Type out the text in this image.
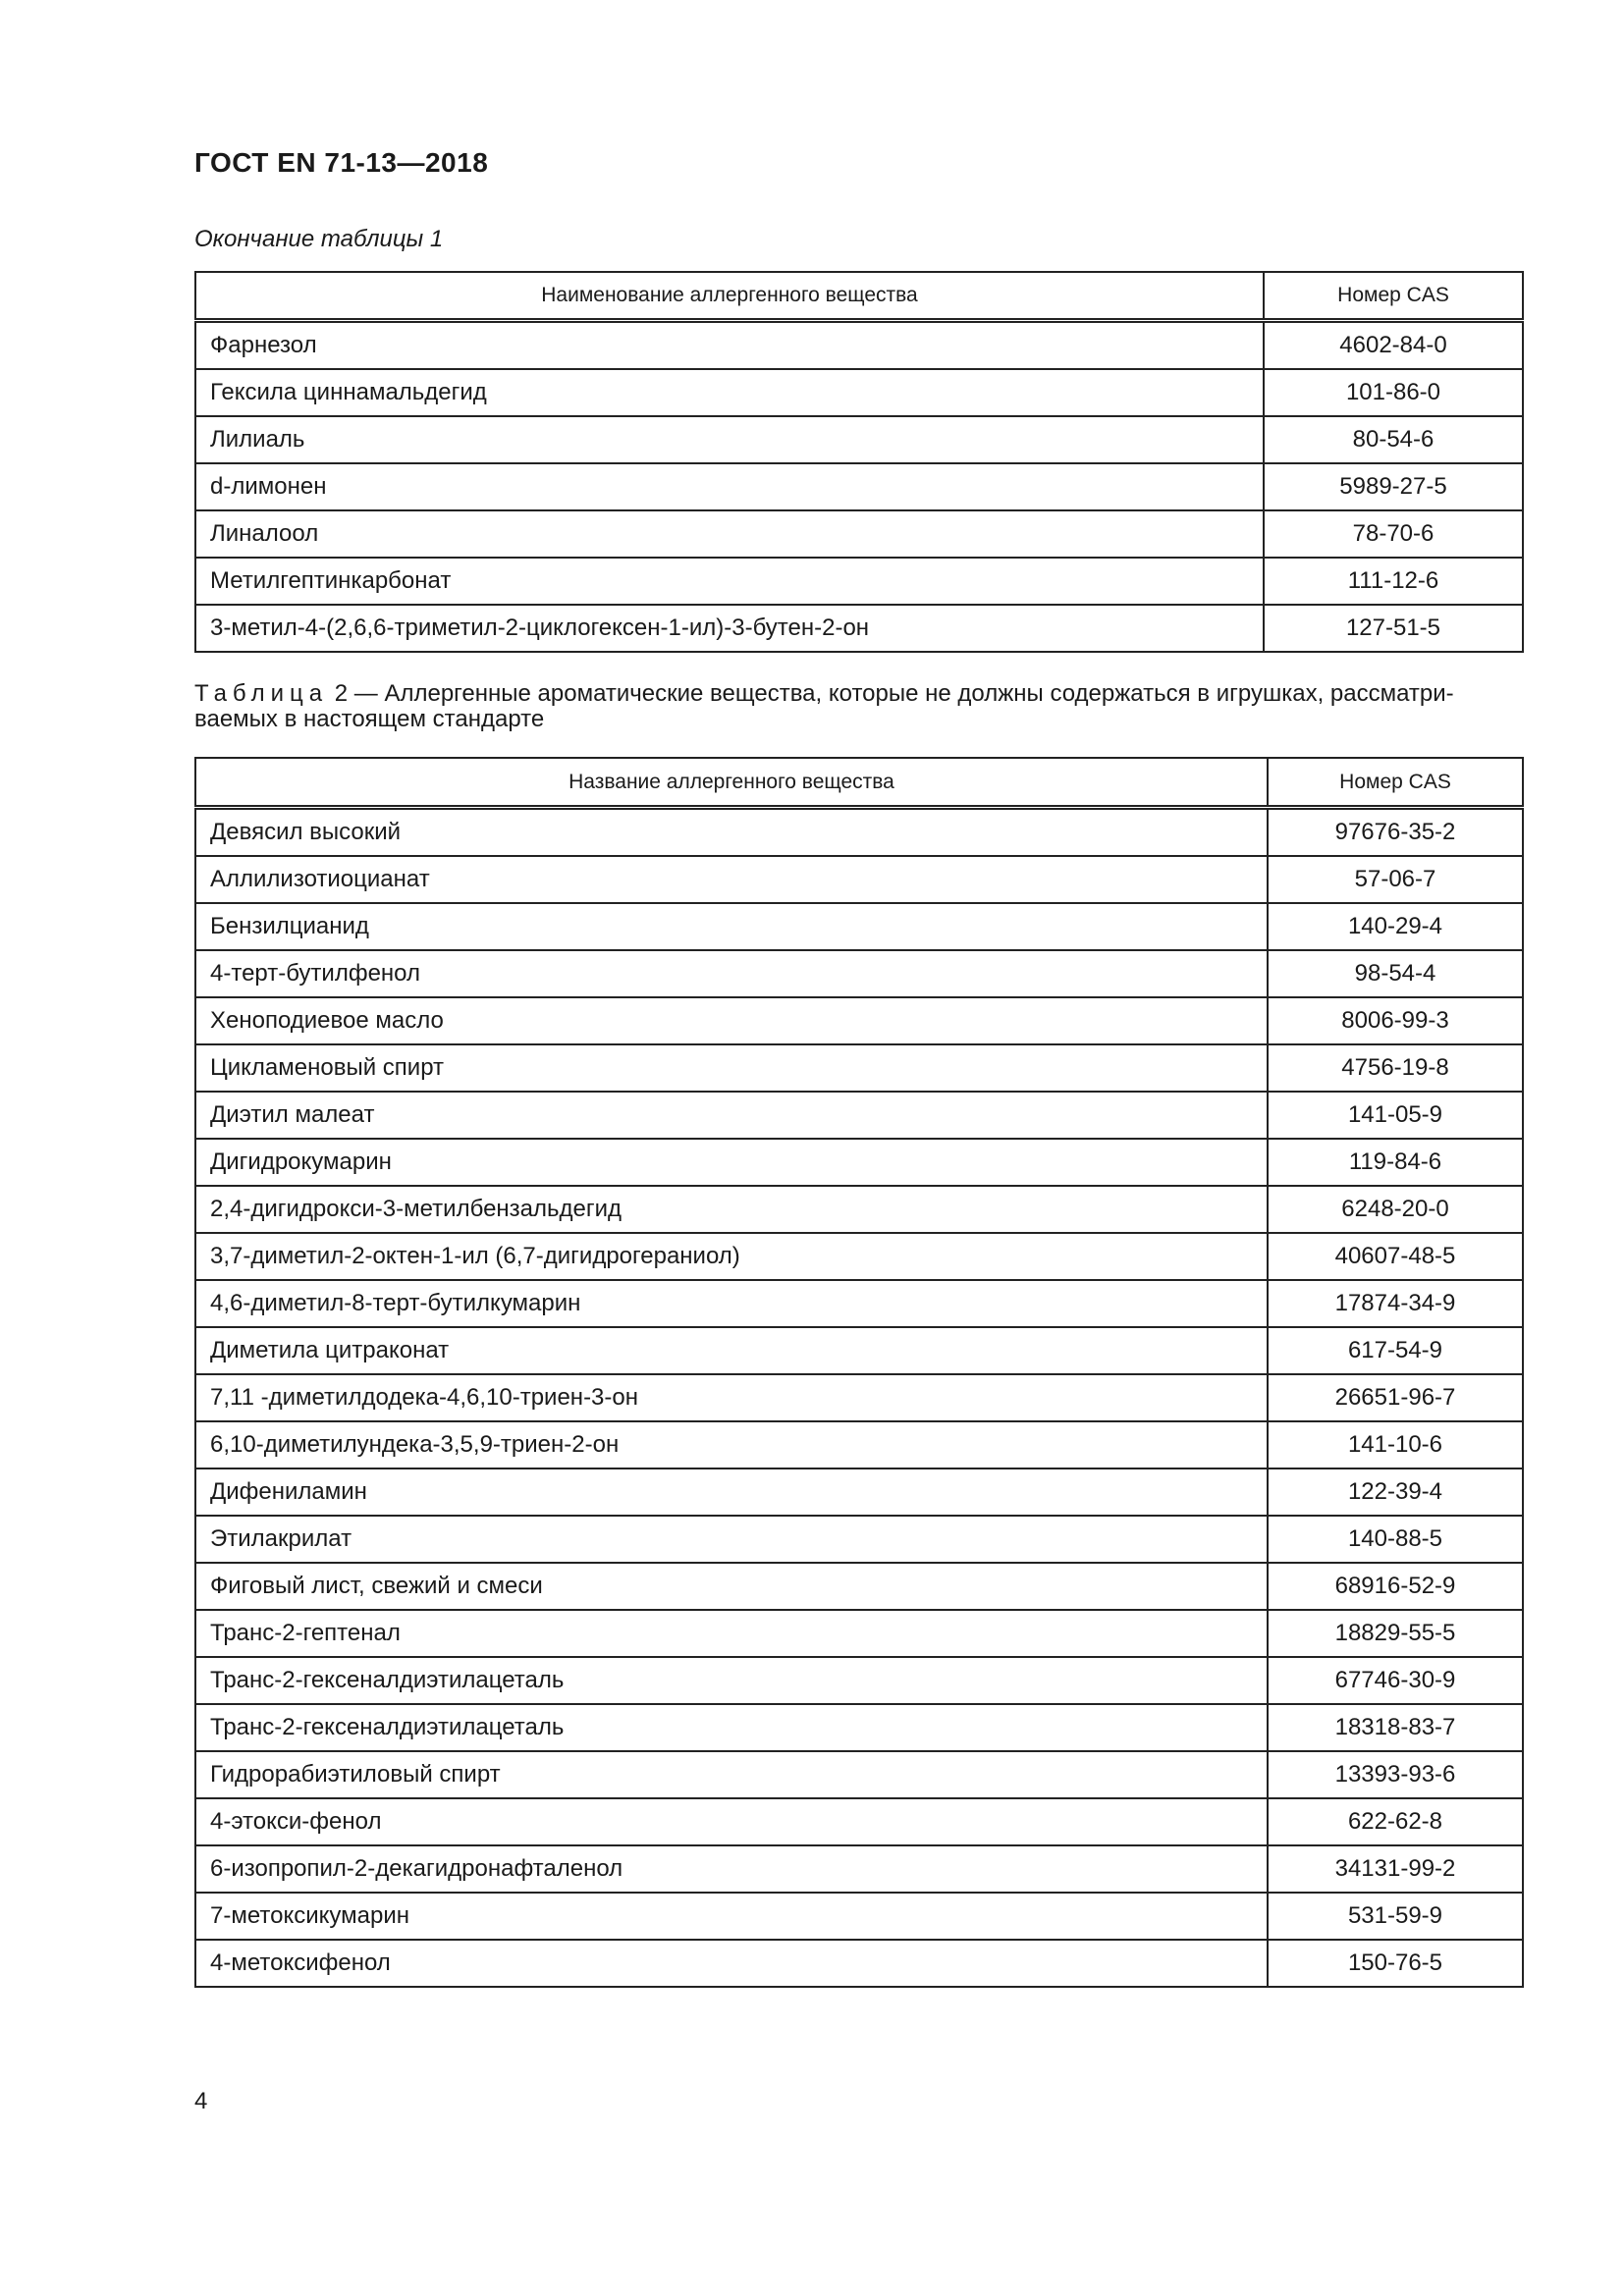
ГОСТ EN 71-13—2018
Окончание таблицы 1
Наименование аллергенного вещества	Номер CAS
Фарнезол	4602-84-0
Гексила циннамальдегид	101-86-0
Лилиаль	80-54-6
d-лимонен	5989-27-5
Линалоол	78-70-6
Метилгептинкарбонат	111-12-6
3-метил-4-(2,6,6-триметил-2-циклогексен-1-ил)-3-бутен-2-он	127-51-5
Таблица 2 — Аллергенные ароматические вещества, которые не должны содержаться в игрушках, рассматри-ваемых в настоящем стандарте
Название аллергенного вещества	Номер CAS
Девясил высокий	97676-35-2
Аллилизотиоцианат	57-06-7
Бензилцианид	140-29-4
4-терт-бутилфенол	98-54-4
Хеноподиевое масло	8006-99-3
Цикламеновый спирт	4756-19-8
Диэтил малеат	141-05-9
Дигидрокумарин	119-84-6
2,4-дигидрокси-3-метилбензальдегид	6248-20-0
3,7-диметил-2-октен-1-ил (6,7-дигидрогераниол)	40607-48-5
4,6-диметил-8-терт-бутилкумарин	17874-34-9
Диметила цитраконат	617-54-9
7,11 -диметилдодека-4,6,10-триен-3-он	26651-96-7
6,10-диметилундека-3,5,9-триен-2-он	141-10-6
Дифениламин	122-39-4
Этилакрилат	140-88-5
Фиговый лист, свежий и смеси	68916-52-9
Транс-2-гептенал	18829-55-5
Транс-2-гексеналдиэтилацеталь	67746-30-9
Транс-2-гексеналдиэтилацеталь	18318-83-7
Гидрорабиэтиловый спирт	13393-93-6
4-этокси-фенол	622-62-8
6-изопропил-2-декагидронафталенол	34131-99-2
7-метоксикумарин	531-59-9
4-метоксифенол	150-76-5
4
